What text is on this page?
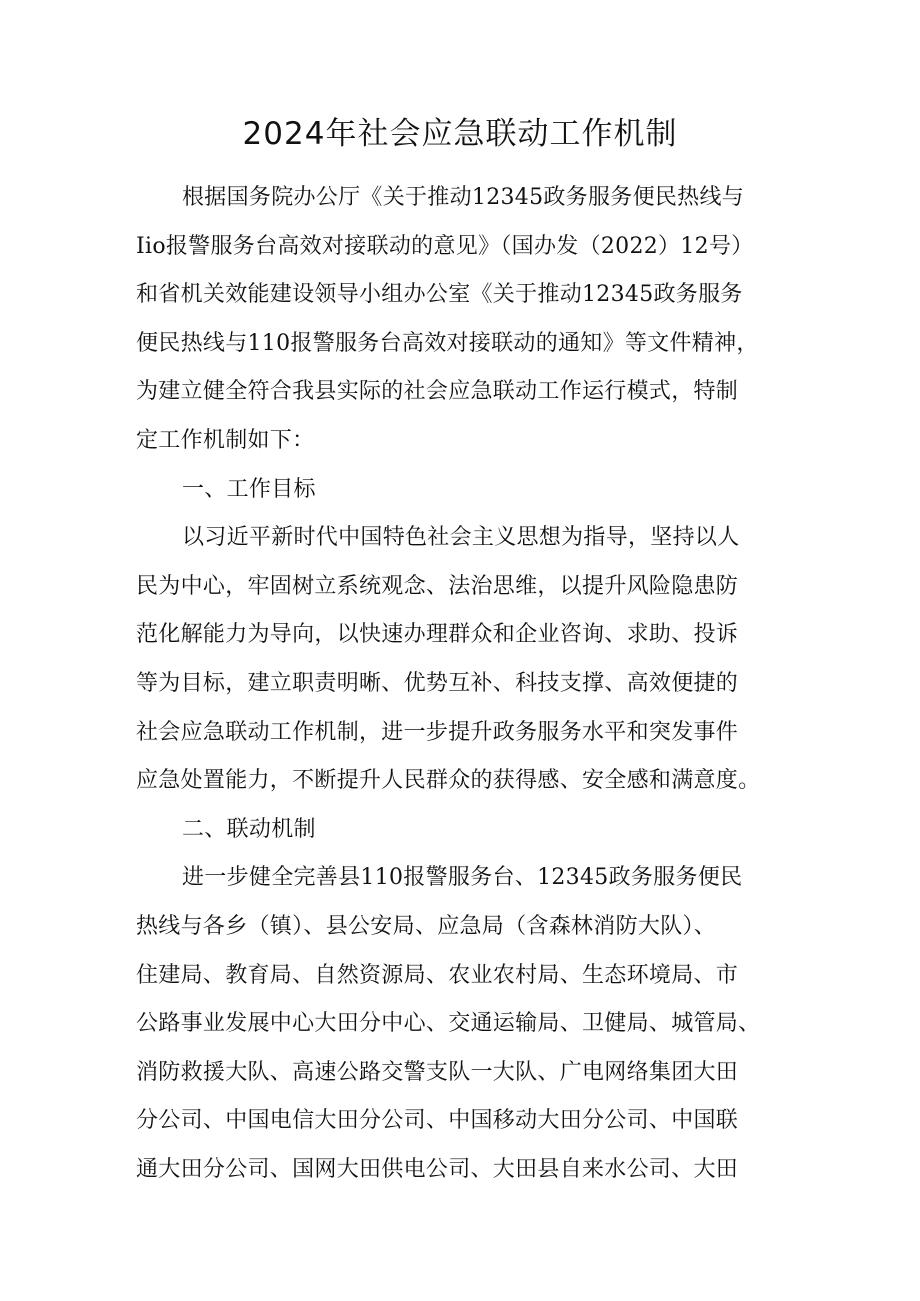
2024年社会应急联动工作机制
根据国务院办公厅《关于推动12345政务服务便民热线与
Iio报警服务台高效对接联动的意见》（国办发（2022）12号）
和省机关效能建设领导小组办公室《关于推动12345政务服务
便民热线与110报警服务台高效对接联动的通知》等文件精神，
为建立健全符合我县实际的社会应急联动工作运行模式，特制
定工作机制如下：
一、工作目标
以习近平新时代中国特色社会主义思想为指导，坚持以人
民为中心，牢固树立系统观念、法治思维，以提升风险隐患防
范化解能力为导向，以快速办理群众和企业咨询、求助、投诉
等为目标，建立职责明晰、优势互补、科技支撑、高效便捷的
社会应急联动工作机制，进一步提升政务服务水平和突发事件
应急处置能力，不断提升人民群众的获得感、安全感和满意度。
二、联动机制
进一步健全完善县110报警服务台、12345政务服务便民
热线与各乡（镇）、县公安局、应急局（含森林消防大队）、
住建局、教育局、自然资源局、农业农村局、生态环境局、市
公路事业发展中心大田分中心、交通运输局、卫健局、城管局、
消防救援大队、高速公路交警支队一大队、广电网络集团大田
分公司、中国电信大田分公司、中国移动大田分公司、中国联
通大田分公司、国网大田供电公司、大田县自来水公司、大田
